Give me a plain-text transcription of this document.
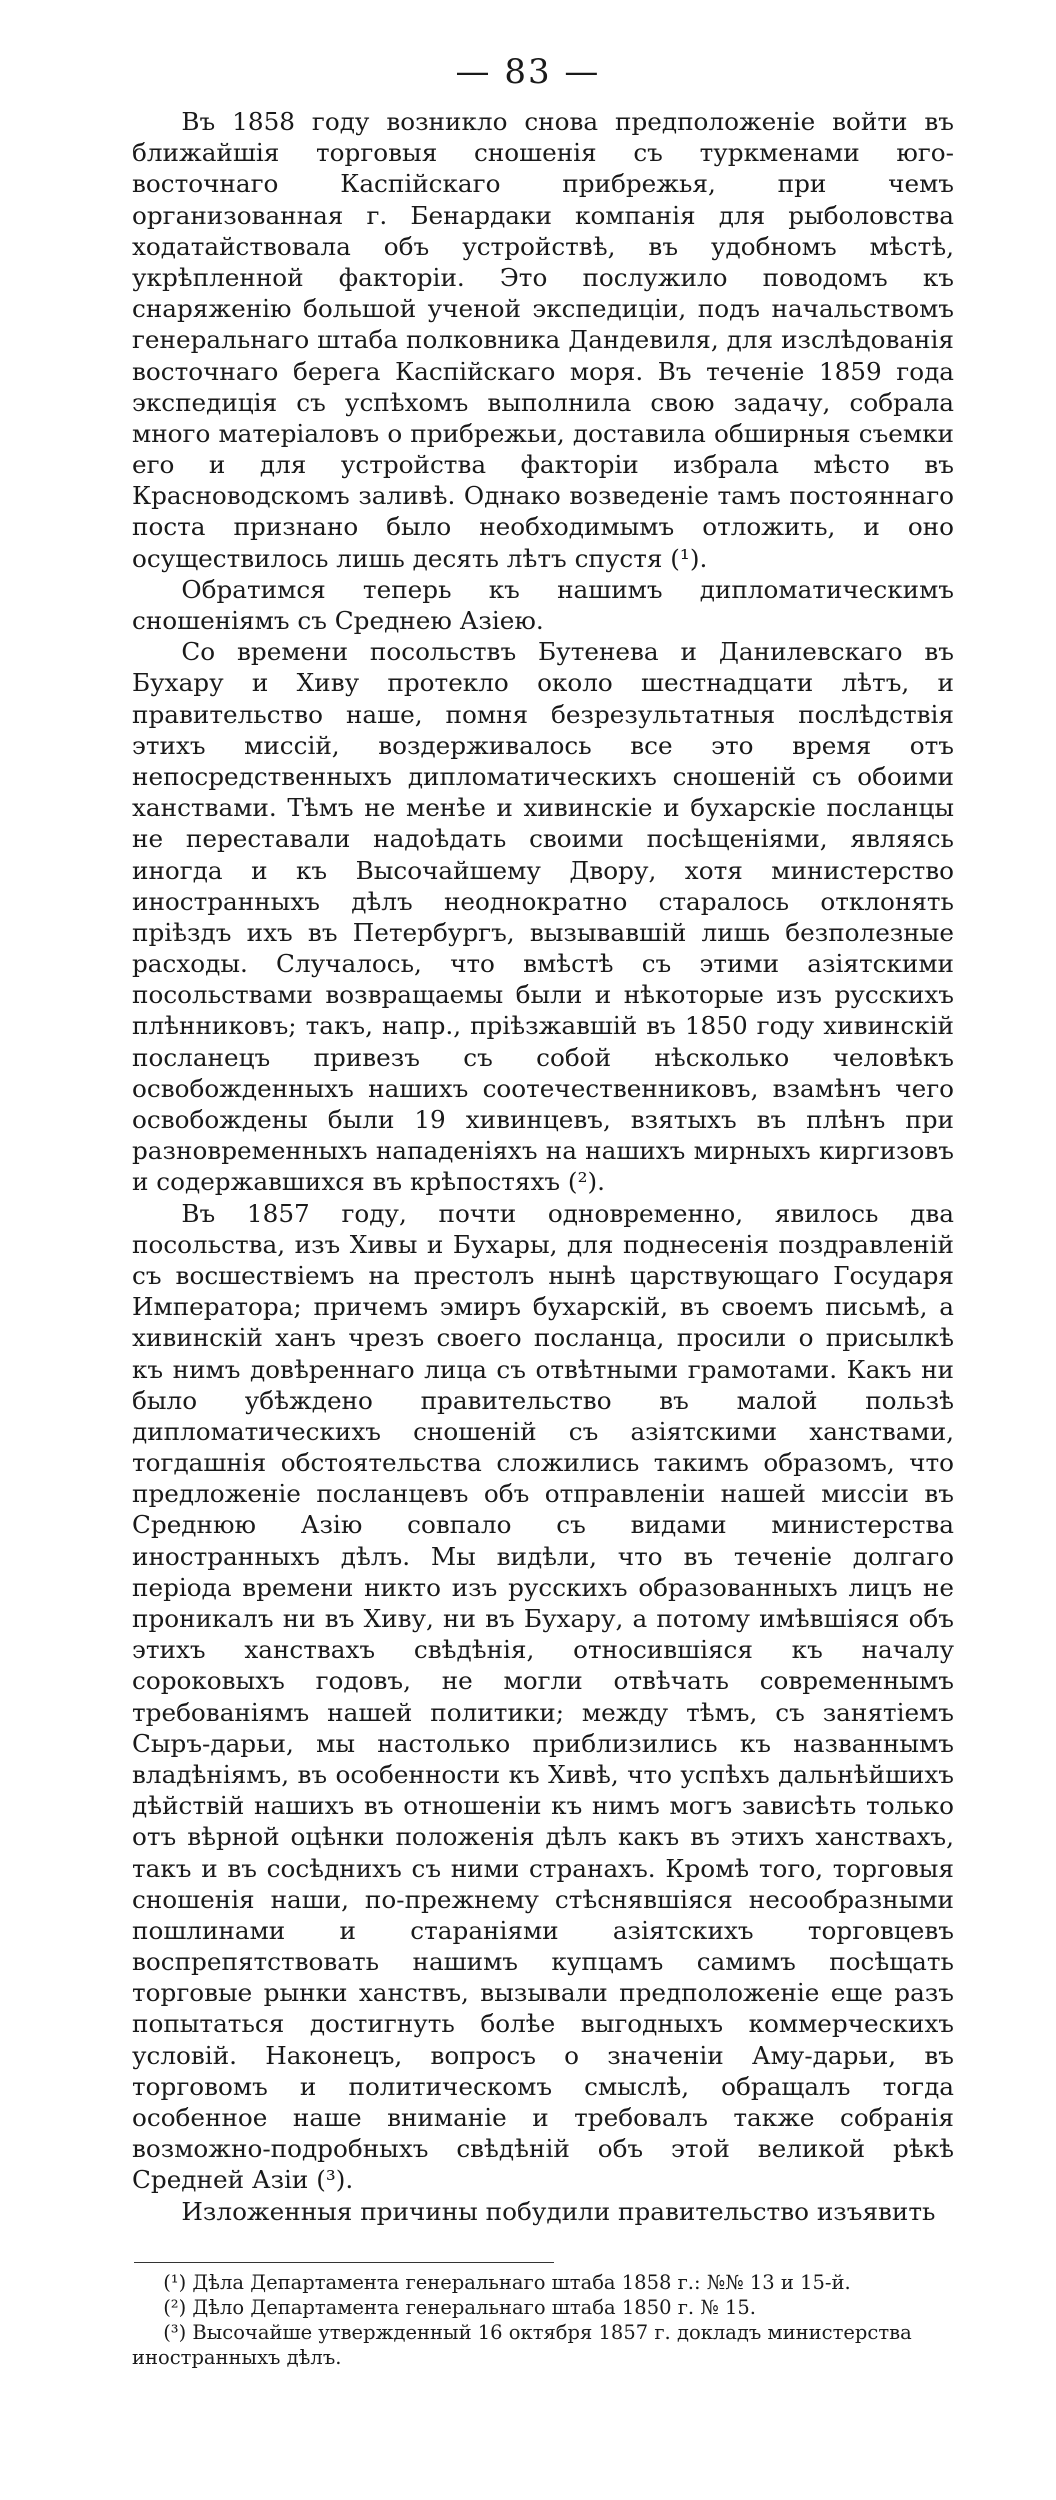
— 83 —

Въ 1858 году возникло снова предположеніе войти въ ближайшія торговыя сношенія съ туркменами юго-восточнаго Каспійскаго прибрежья, при чемъ организованная г. Бенардаки компанія для рыболовства ходатайствовала объ устройствѣ, въ удобномъ мѣстѣ, укрѣпленной факторіи. Это послужило поводомъ къ снаряженію большой ученой экспедиціи, подъ начальствомъ генеральнаго штаба полковника Дандевиля, для изслѣдованія восточнаго берега Каспійскаго моря. Въ теченіе 1859 года экспедиція съ успѣхомъ выполнила свою задачу, собрала много матеріаловъ о прибрежьи, доставила обширныя съемки его и для устройства факторіи избрала мѣсто въ Красноводскомъ заливѣ. Однако возведеніе тамъ постояннаго поста признано было необходимымъ отложить, и оно осуществилось лишь десять лѣтъ спустя (¹).

Обратимся теперь къ нашимъ дипломатическимъ сношеніямъ съ Среднею Азіею.

Со времени посольствъ Бутенева и Данилевскаго въ Бухару и Хиву протекло около шестнадцати лѣтъ, и правительство наше, помня безрезультатныя послѣдствія этихъ миссій, воздерживалось все это время отъ непосредственныхъ дипломатическихъ сношеній съ обоими ханствами. Тѣмъ не менѣе и хивинскіе и бухарскіе посланцы не переставали надоѣдать своими посѣщеніями, являясь иногда и къ Высочайшему Двору, хотя министерство иностранныхъ дѣлъ неоднократно старалось отклонять пріѣздъ ихъ въ Петербургъ, вызывавшій лишь безполезные расходы. Случалось, что вмѣстѣ съ этими азіятскими посольствами возвращаемы были и нѣкоторые изъ русскихъ плѣнниковъ; такъ, напр., пріѣзжавшій въ 1850 году хивинскій посланецъ привезъ съ собой нѣсколько человѣкъ освобожденныхъ нашихъ соотечественниковъ, взамѣнъ чего освобождены были 19 хивинцевъ, взятыхъ въ плѣнъ при разновременныхъ нападеніяхъ на нашихъ мирныхъ киргизовъ и содержавшихся въ крѣпостяхъ (²).

Въ 1857 году, почти одновременно, явилось два посольства, изъ Хивы и Бухары, для поднесенія поздравленій съ восшествіемъ на престолъ нынѣ царствующаго Государя Императора; причемъ эмиръ бухарскій, въ своемъ письмѣ, а хивинскій ханъ чрезъ своего посланца, просили о присылкѣ къ нимъ довѣреннаго лица съ отвѣтными грамотами. Какъ ни было убѣждено правительство въ малой пользѣ дипломатическихъ сношеній съ азіятскими ханствами, тогдашнія обстоятельства сложились такимъ образомъ, что предложеніе посланцевъ объ отправленіи нашей миссіи въ Среднюю Азію совпало съ видами министерства иностранныхъ дѣлъ. Мы видѣли, что въ теченіе долгаго періода времени никто изъ русскихъ образованныхъ лицъ не проникалъ ни въ Хиву, ни въ Бухару, а потому имѣвшіяся объ этихъ ханствахъ свѣдѣнія, относившіяся къ началу сороковыхъ годовъ, не могли отвѣчать современнымъ требованіямъ нашей политики; между тѣмъ, съ занятіемъ Сыръ-дарьи, мы настолько приблизились къ названнымъ владѣніямъ, въ особенности къ Хивѣ, что успѣхъ дальнѣйшихъ дѣйствій нашихъ въ отношеніи къ нимъ могъ зависѣть только отъ вѣрной оцѣнки положенія дѣлъ какъ въ этихъ ханствахъ, такъ и въ сосѣднихъ съ ними странахъ. Кромѣ того, торговыя сношенія наши, по-прежнему стѣснявшіяся несообразными пошлинами и стараніями азіятскихъ торговцевъ воспрепятствовать нашимъ купцамъ самимъ посѣщать торговые рынки ханствъ, вызывали предположеніе еще разъ попытаться достигнуть болѣе выгодныхъ коммерческихъ условій. Наконецъ, вопросъ о значеніи Аму-дарьи, въ торговомъ и политическомъ смыслѣ, обращалъ тогда особенное наше вниманіе и требовалъ также собранія возможно-подробныхъ свѣдѣній объ этой великой рѣкѣ Средней Азіи (³).

Изложенныя причины побудили правительство изъявить

(¹) Дѣла Департамента генеральнаго штаба 1858 г.: №№ 13 и 15-й.
(²) Дѣло Департамента генеральнаго штаба 1850 г. № 15.
(³) Высочайше утвержденный 16 октября 1857 г. докладъ министерства иностранныхъ дѣлъ.
